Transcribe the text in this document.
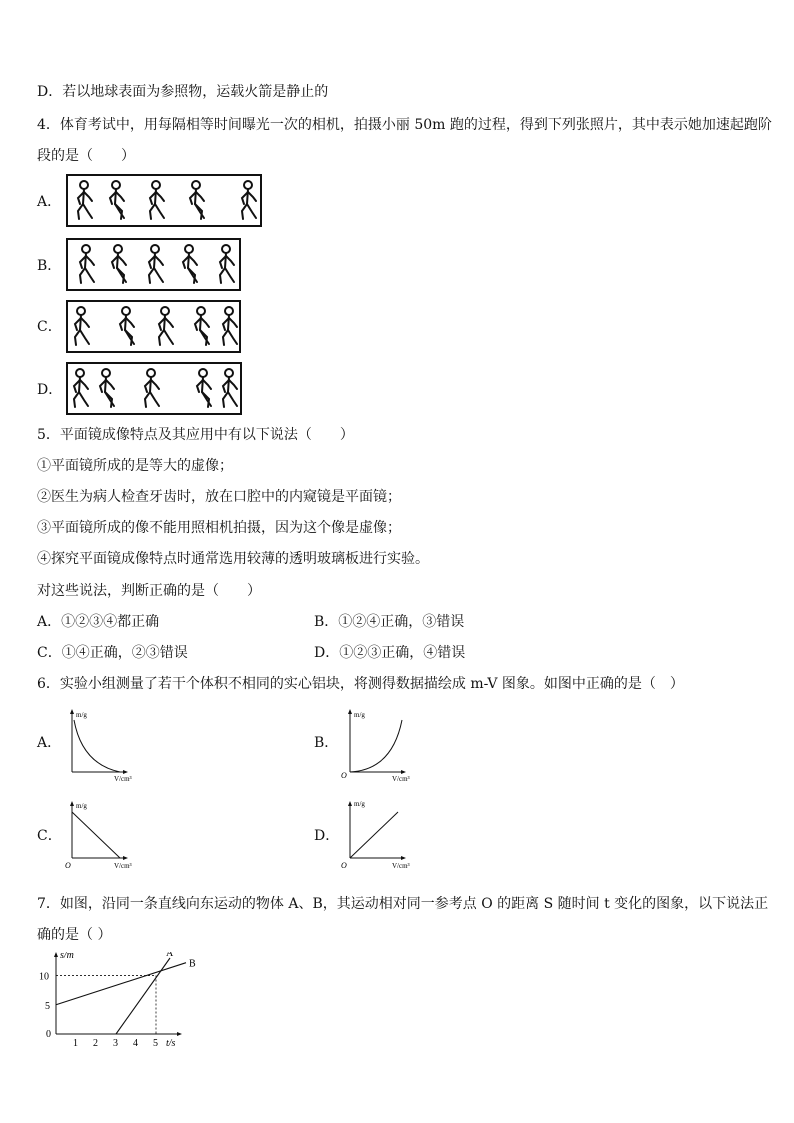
D．若以地球表面为参照物，运载火箭是静止的
4．体育考试中，用每隔相等时间曝光一次的相机，拍摄小丽 50m 跑的过程，得到下列张照片，其中表示她加速起跑阶
段的是（　　）
A．
B．
C．
D．
5．平面镜成像特点及其应用中有以下说法（　　）
①平面镜所成的是等大的虚像；
②医生为病人检查牙齿时，放在口腔中的内窥镜是平面镜；
③平面镜所成的像不能用照相机拍摄，因为这个像是虚像；
④探究平面镜成像特点时通常选用较薄的透明玻璃板进行实验。
对这些说法，判断正确的是（　　）
A．①②③④都正确	B．①②④正确，③错误
C．①④正确，②③错误	D．①②③正确，④错误
6．实验小组测量了若干个体积不相同的实心铝块，将测得数据描绘成 m-V 图象。如图中正确的是（　）
A．
m/g
V/cm³
B．
m/g
V/cm³
O
C．
m/g
V/cm³
O
D．
m/g
V/cm³
O
7．如图，沿同一条直线向东运动的物体 A、B，其运动相对同一参考点 O 的距离 S 随时间 t 变化的图象，以下说法正
确的是（ ）
A
B
s/m
t/s
0
1 2 3 4 5
5
10
